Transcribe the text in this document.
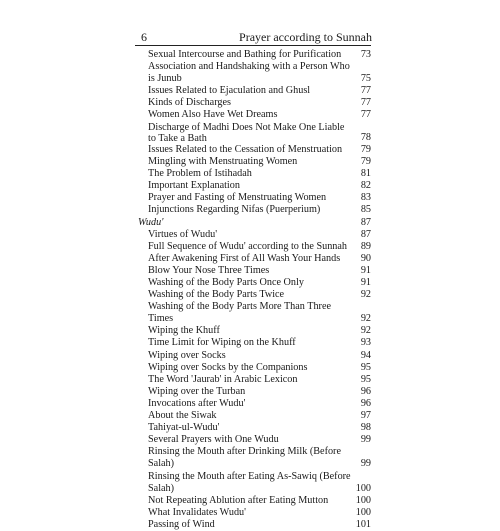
6	Prayer according to Sunnah
Sexual Intercourse and Bathing for Purification	73
Association and Handshaking with a Person Who is Junub	75
Issues Related to Ejaculation and Ghusl	77
Kinds of Discharges	77
Women Also Have Wet Dreams	77
Discharge of Madhi Does Not Make One Liable to Take a Bath	78
Issues Related to the Cessation of Menstruation	79
Mingling with Menstruating Women	79
The Problem of Istihadah	81
Important Explanation	82
Prayer and Fasting of Menstruating Women	83
Injunctions Regarding Nifas (Puerperium)	85
Wudu'	87
Virtues of Wudu'	87
Full Sequence of Wudu' according to the Sunnah	89
After Awakening First of All Wash Your Hands	90
Blow Your Nose Three Times	91
Washing of the Body Parts Once Only	91
Washing of the Body Parts Twice	92
Washing of the Body Parts More Than Three Times	92
Wiping the Khuff	92
Time Limit for Wiping on the Khuff	93
Wiping over Socks	94
Wiping over Socks by the Companions	95
The Word 'Jaurab' in Arabic Lexicon	95
Wiping over the Turban	96
Invocations after Wudu'	96
About the Siwak	97
Tahiyat-ul-Wudu'	98
Several Prayers with One Wudu	99
Rinsing the Mouth after Drinking Milk (Before Salah)	99
Rinsing the Mouth after Eating As-Sawiq (Before Salah)	100
Not Repeating Ablution after Eating Mutton	100
What Invalidates Wudu'	100
Passing of Wind	101
